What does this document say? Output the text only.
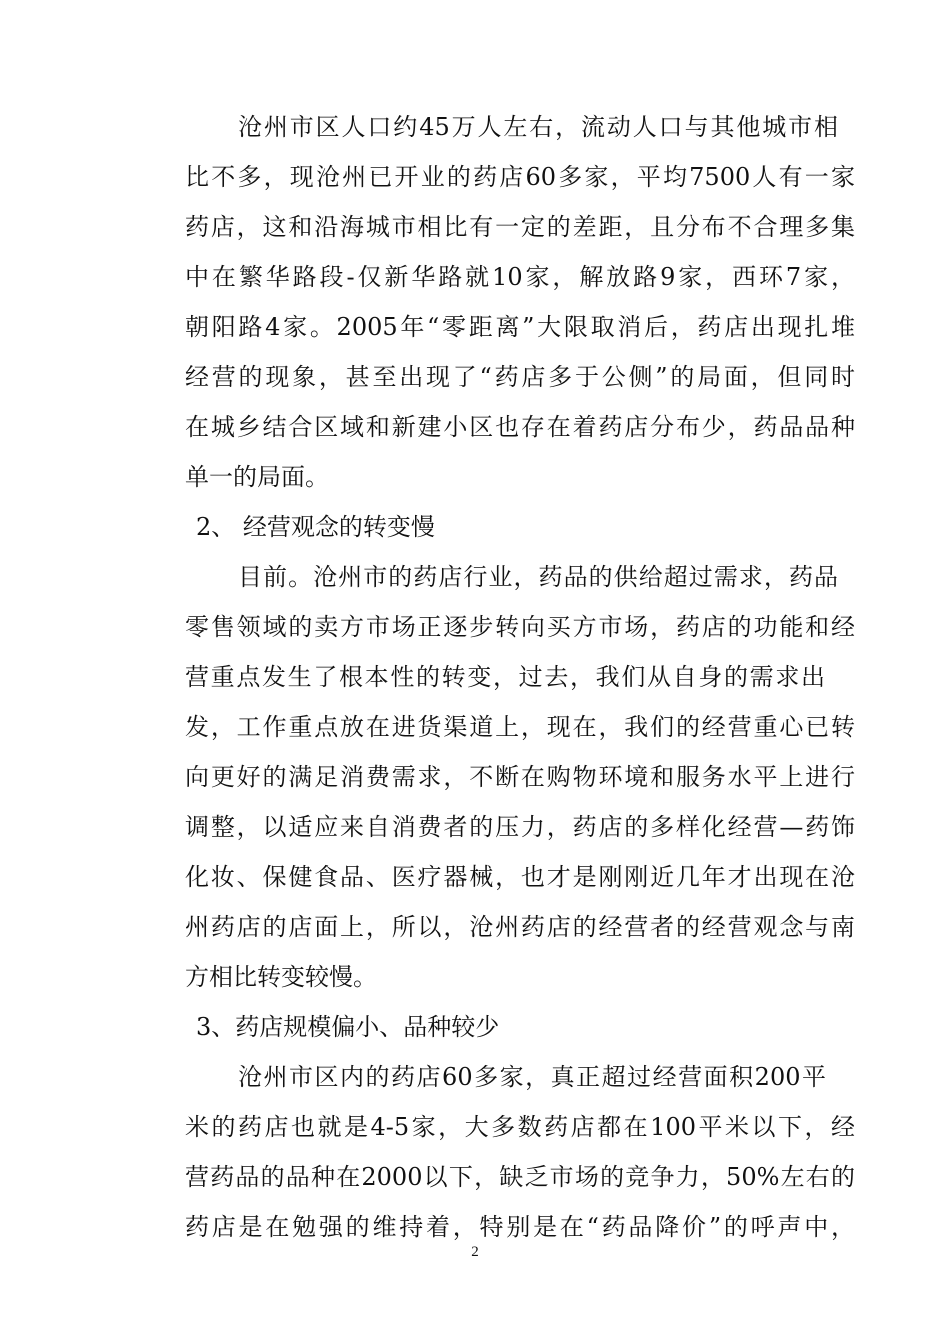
沧州市区人口约45万人左右，流动人口与其他城市相
比不多，现沧州已开业的药店60多家，平均7500人有一家
药店，这和沿海城市相比有一定的差距，且分布不合理多集
中在繁华路段-仅新华路就10家，解放路9家，西环7家，
朝阳路4家。2005年“零距离”大限取消后，药店出现扎堆
经营的现象，甚至出现了“药店多于公侧”的局面，但同时
在城乡结合区域和新建小区也存在着药店分布少，药品品种
单一的局面。
2、 经营观念的转变慢
目前。沧州市的药店行业，药品的供给超过需求，药品
零售领域的卖方市场正逐步转向买方市场，药店的功能和经
营重点发生了根本性的转变，过去，我们从自身的需求出
发，工作重点放在进货渠道上，现在，我们的经营重心已转
向更好的满足消费需求，不断在购物环境和服务水平上进行
调整，以适应来自消费者的压力，药店的多样化经营—药饰
化妆、保健食品、医疗器械，也才是刚刚近几年才出现在沧
州药店的店面上，所以，沧州药店的经营者的经营观念与南
方相比转变较慢。
3、药店规模偏小、品种较少
沧州市区内的药店60多家，真正超过经营面积200平
米的药店也就是4-5家，大多数药店都在100平米以下，经
营药品的品种在2000以下，缺乏市场的竞争力，50%左右的
药店是在勉强的维持着，特别是在“药品降价”的呼声中，
2
